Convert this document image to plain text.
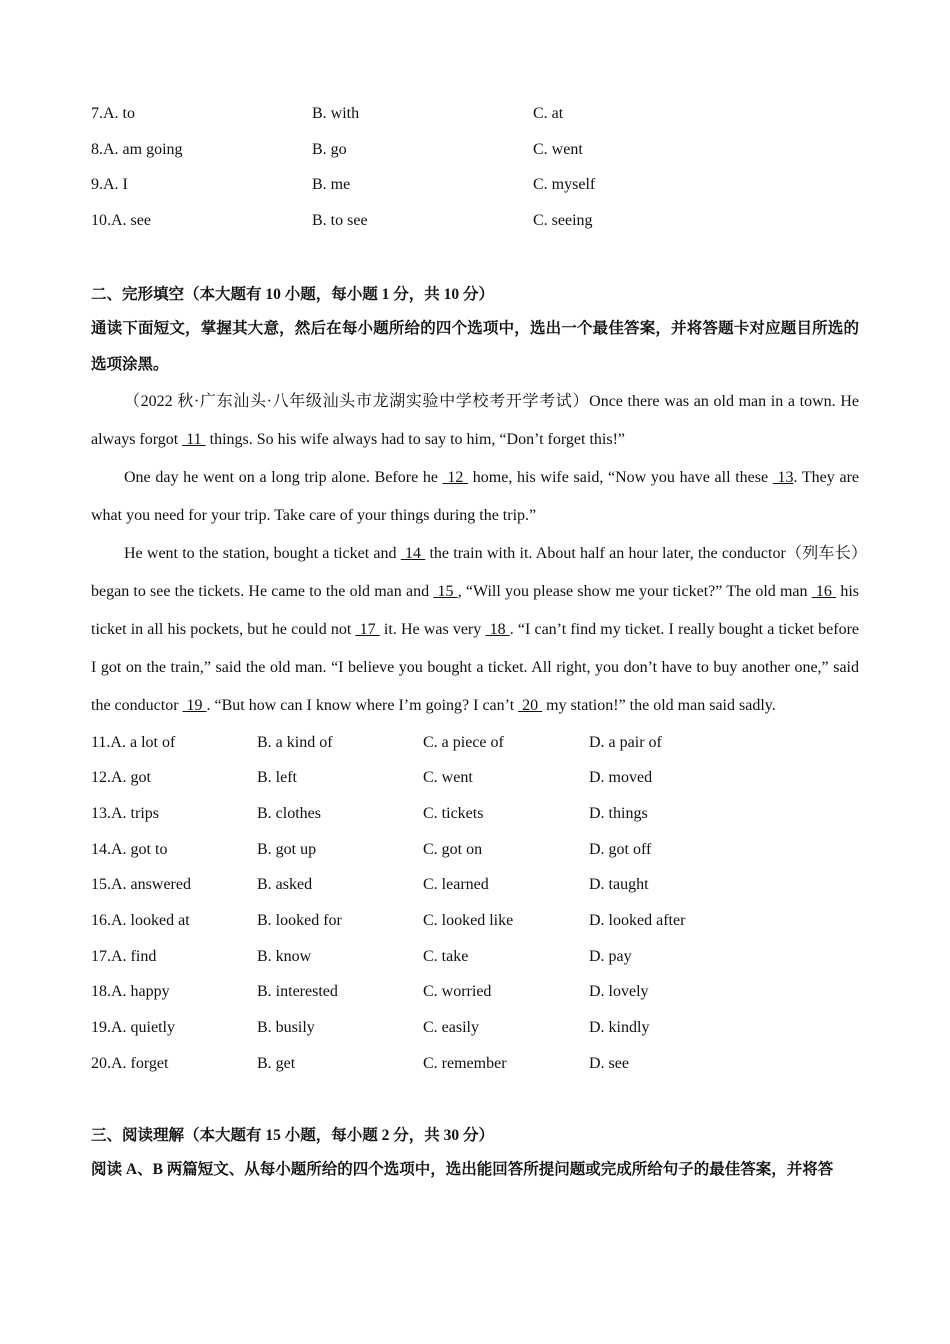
7.A. to	B. with	C. at
8.A. am going	B. go	C. went
9.A. I	B. me	C. myself
10.A. see	B. to see	C. seeing
二、完形填空（本大题有 10 小题，每小题 1 分，共 10 分）
通读下面短文，掌握其大意，然后在每小题所给的四个选项中，选出一个最佳答案，并将答题卡对应题目所选的选项涂黑。
（2022 秋·广东汕头·八年级汕头市龙湖实验中学校考开学考试）Once there was an old man in a town. He always forgot  11  things. So his wife always had to say to him, “Don’t forget this!”
One day he went on a long trip alone. Before he  12  home, his wife said, “Now you have all these  13. They are what you need for your trip. Take care of your things during the trip.”
He went to the station, bought a ticket and  14  the train with it. About half an hour later, the conductor（列车长）began to see the tickets. He came to the old man and  15 , “Will you please show me your ticket?” The old man  16  his ticket in all his pockets, but he could not  17  it. He was very  18 . “I can’t find my ticket. I really bought a ticket before I got on the train,” said the old man. “I believe you bought a ticket. All right, you don’t have to buy another one,” said the conductor  19 . “But how can I know where I’m going? I can’t  20  my station!” the old man said sadly.
11.A. a lot of	B. a kind of	C. a piece of	D. a pair of
12.A. got	B. left	C. went	D. moved
13.A. trips	B. clothes	C. tickets	D. things
14.A. got to	B. got up	C. got on	D. got off
15.A. answered	B. asked	C. learned	D. taught
16.A. looked at	B. looked for	C. looked like	D. looked after
17.A. find	B. know	C. take	D. pay
18.A. happy	B. interested	C. worried	D. lovely
19.A. quietly	B. busily	C. easily	D. kindly
20.A. forget	B. get	C. remember	D. see
三、阅读理解（本大题有 15 小题，每小题 2 分，共 30 分）
阅读 A、B 两篇短文、从每小题所给的四个选项中，选出能回答所提问题或完成所给句子的最佳答案，并将答
